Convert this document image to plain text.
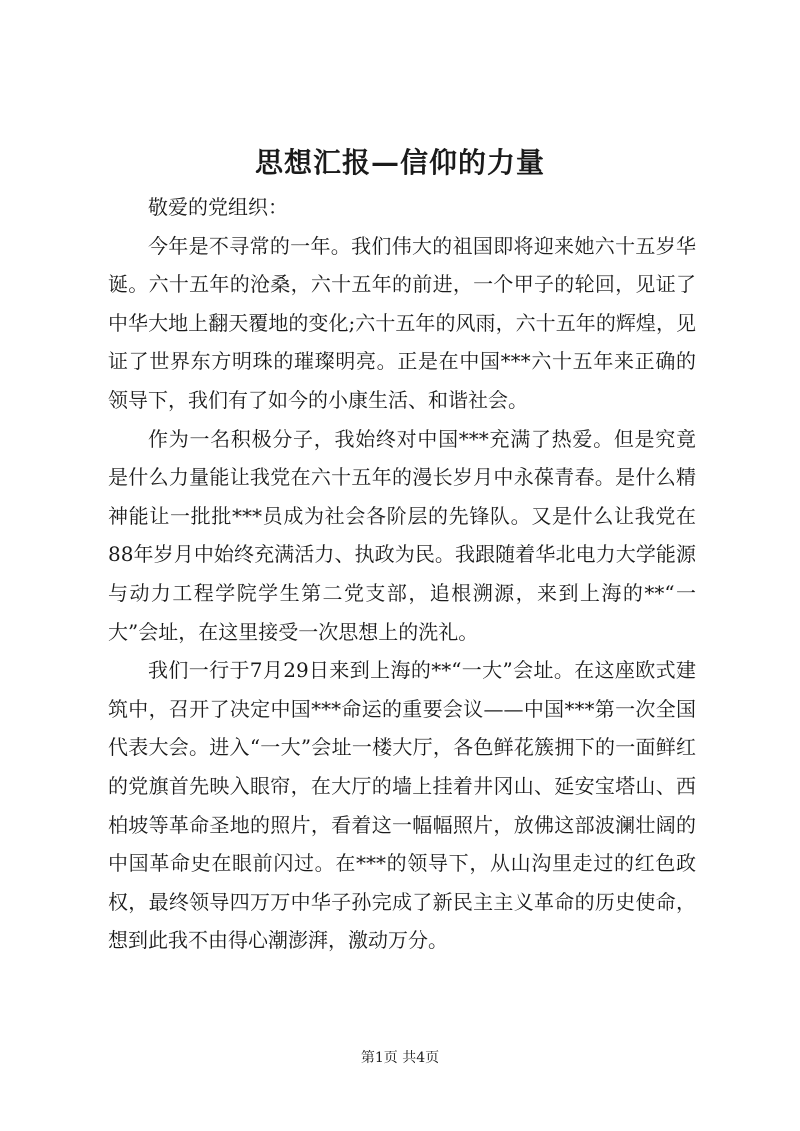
思想汇报—信仰的力量

敬爱的党组织：

今年是不寻常的一年。我们伟大的祖国即将迎来她六十五岁华诞。六十五年的沧桑，六十五年的前进，一个甲子的轮回，见证了中华大地上翻天覆地的变化;六十五年的风雨，六十五年的辉煌，见证了世界东方明珠的璀璨明亮。正是在中国***六十五年来正确的领导下，我们有了如今的小康生活、和谐社会。

作为一名积极分子，我始终对中国***充满了热爱。但是究竟是什么力量能让我党在六十五年的漫长岁月中永葆青春。是什么精神能让一批批***员成为社会各阶层的先锋队。又是什么让我党在88年岁月中始终充满活力、执政为民。我跟随着华北电力大学能源与动力工程学院学生第二党支部，追根溯源，来到上海的**“一大”会址，在这里接受一次思想上的洗礼。

我们一行于7月29日来到上海的**“一大”会址。在这座欧式建筑中，召开了决定中国***命运的重要会议——中国***第一次全国代表大会。进入“一大”会址一楼大厅，各色鲜花簇拥下的一面鲜红的党旗首先映入眼帘，在大厅的墙上挂着井冈山、延安宝塔山、西柏坡等革命圣地的照片，看着这一幅幅照片，放佛这部波澜壮阔的中国革命史在眼前闪过。在***的领导下，从山沟里走过的红色政权，最终领导四万万中华子孙完成了新民主主义革命的历史使命，想到此我不由得心潮澎湃，激动万分。

第1页 共4页
